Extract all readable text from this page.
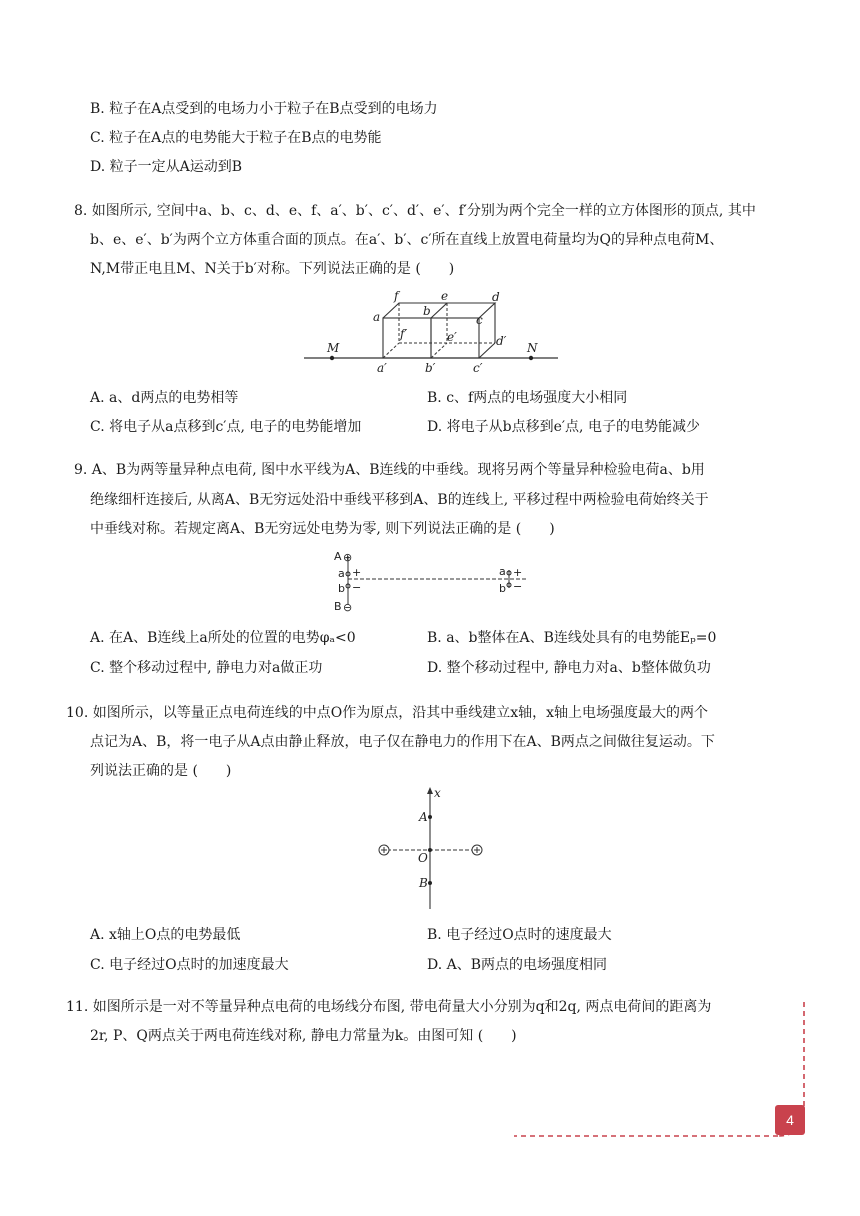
B. 粒子在A点受到的电场力小于粒子在B点受到的电场力
C. 粒子在A点的电势能大于粒子在B点的电势能
D. 粒子一定从A运动到B
8. 如图所示, 空间中a、b、c、d、e、f、a′、b′、c′、d′、e′、f′分别为两个完全一样的立方体图形的顶点, 其中
b、e、e′、b′为两个立方体重合面的顶点。在a′、b′、c′所在直线上放置电荷量均为Q的异种点电荷M、
N,M带正电且M、N关于b′对称。下列说法正确的是 (　　)
f	e	d
a	b
c
f′	e′	d′
a′	b′	c′
M	N
A. a、d两点的电势相等	B. c、f两点的电场强度大小相同
C. 将电子从a点移到c′点, 电子的电势能增加	D. 将电子从b点移到e′点, 电子的电势能减少
9. A、B为两等量异种点电荷, 图中水平线为A、B连线的中垂线。现将另两个等量异种检验电荷a、b用
绝缘细杆连接后, 从离A、B无穷远处沿中垂线平移到A、B的连线上, 平移过程中两检验电荷始终关于
中垂线对称。若规定离A、B无穷远处电势为零, 则下列说法正确的是 (　　)
A ⊕
B ⊖
a +
b −
a +
b −
A. 在A、B连线上a所处的位置的电势φₐ<0	B. a、b整体在A、B连线处具有的电势能Eₚ=0
C. 整个移动过程中, 静电力对a做正功	D. 整个移动过程中, 静电力对a、b整体做负功
10. 如图所示，以等量正点电荷连线的中点O作为原点，沿其中垂线建立x轴，x轴上电场强度最大的两个
点记为A、B，将一电子从A点由静止释放，电子仅在静电力的作用下在A、B两点之间做往复运动。下
列说法正确的是 (　　)
x
A
O
B
A. x轴上O点的电势最低	B. 电子经过O点时的速度最大
C. 电子经过O点时的加速度最大	D. A、B两点的电场强度相同
11. 如图所示是一对不等量异种点电荷的电场线分布图, 带电荷量大小分别为q和2q, 两点电荷间的距离为
2r, P、Q两点关于两电荷连线对称, 静电力常量为k。由图可知 (　　)
4
